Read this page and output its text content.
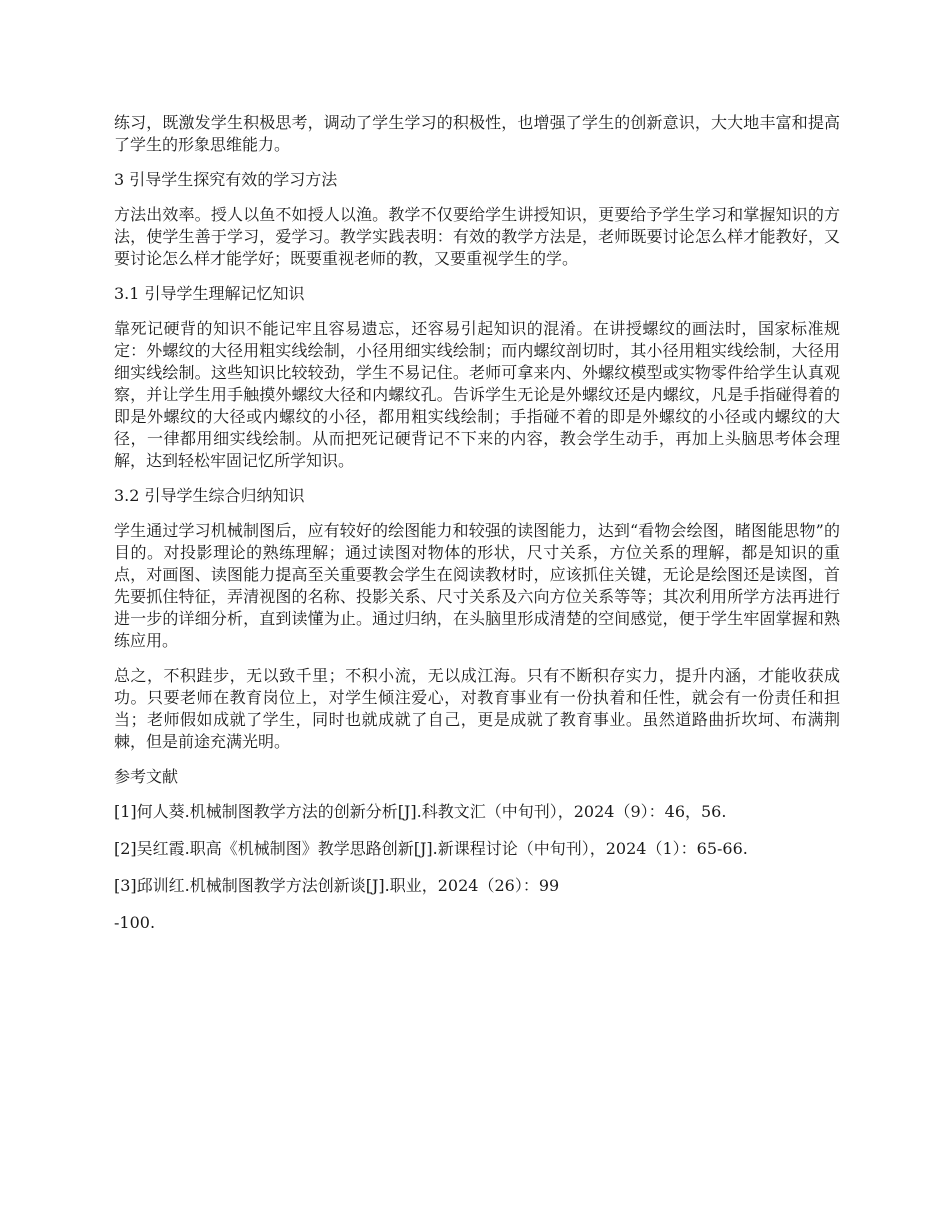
练习，既激发学生积极思考，调动了学生学习的积极性，也增强了学生的创新意识，大大地丰富和提高了学生的形象思维能力。

3 引导学生探究有效的学习方法

方法出效率。授人以鱼不如授人以渔。教学不仅要给学生讲授知识，更要给予学生学习和掌握知识的方法，使学生善于学习，爱学习。教学实践表明：有效的教学方法是，老师既要讨论怎么样才能教好，又要讨论怎么样才能学好；既要重视老师的教，又要重视学生的学。

3.1 引导学生理解记忆知识

靠死记硬背的知识不能记牢且容易遗忘，还容易引起知识的混淆。在讲授螺纹的画法时，国家标准规定：外螺纹的大径用粗实线绘制，小径用细实线绘制；而内螺纹剖切时，其小径用粗实线绘制，大径用细实线绘制。这些知识比较较劲，学生不易记住。老师可拿来内、外螺纹模型或实物零件给学生认真观察，并让学生用手触摸外螺纹大径和内螺纹孔。告诉学生无论是外螺纹还是内螺纹，凡是手指碰得着的即是外螺纹的大径或内螺纹的小径，都用粗实线绘制；手指碰不着的即是外螺纹的小径或内螺纹的大径，一律都用细实线绘制。从而把死记硬背记不下来的内容，教会学生动手，再加上头脑思考体会理解，达到轻松牢固记忆所学知识。

3.2 引导学生综合归纳知识

学生通过学习机械制图后，应有较好的绘图能力和较强的读图能力，达到“看物会绘图，睹图能思物”的目的。对投影理论的熟练理解；通过读图对物体的形状，尺寸关系，方位关系的理解，都是知识的重点，对画图、读图能力提高至关重要教会学生在阅读教材时，应该抓住关键，无论是绘图还是读图，首先要抓住特征，弄清视图的名称、投影关系、尺寸关系及六向方位关系等等；其次利用所学方法再进行进一步的详细分析，直到读懂为止。通过归纳，在头脑里形成清楚的空间感觉，便于学生牢固掌握和熟练应用。

总之，不积跬步，无以致千里；不积小流，无以成江海。只有不断积存实力，提升内涵，才能收获成功。只要老师在教育岗位上，对学生倾注爱心，对教育事业有一份执着和任性，就会有一份责任和担当；老师假如成就了学生，同时也就成就了自己，更是成就了教育事业。虽然道路曲折坎坷、布满荆棘，但是前途充满光明。

参考文献

[1]何人葵.机械制图教学方法的创新分析[J].科教文汇（中旬刊），2024（9）：46，56.

[2]吴红霞.职高《机械制图》教学思路创新[J].新课程讨论（中旬刊），2024（1）：65-66.

[3]邱训红.机械制图教学方法创新谈[J].职业，2024（26）：99

-100.
